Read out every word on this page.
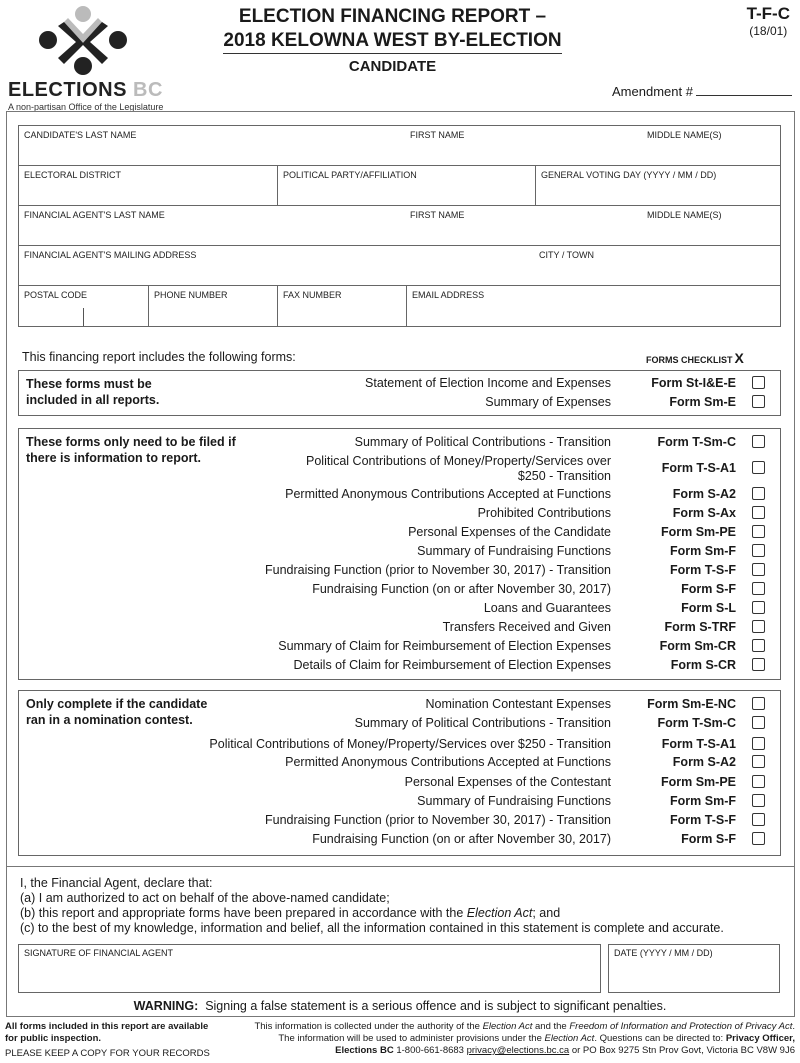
ELECTIONS BC
A non-partisan Office of the Legislature
ELECTION FINANCING REPORT –
2018 KELOWNA WEST BY-ELECTION
CANDIDATE
T-F-C
(18/01)
Amendment #
CANDIDATE'S LAST NAME	FIRST NAME	MIDDLE NAME(S)
ELECTORAL DISTRICT	POLITICAL PARTY/AFFILIATION	GENERAL VOTING DAY (YYYY / MM / DD)
FINANCIAL AGENT'S LAST NAME	FIRST NAME	MIDDLE NAME(S)
FINANCIAL AGENT'S MAILING ADDRESS	CITY / TOWN
POSTAL CODE	PHONE NUMBER	FAX NUMBER	EMAIL ADDRESS
This financing report includes the following forms:	FORMS CHECKLIST X
These forms must be
included in all reports.
Statement of Election Income and Expenses	Form St-I&E-E
Summary of Expenses	Form Sm-E
These forms only need to be filed if
there is information to report.
Summary of Political Contributions - Transition	Form T-Sm-C
Political Contributions of Money/Property/Services over
$250 - Transition
Form T-S-A1
Permitted Anonymous Contributions Accepted at Functions	Form S-A2
Prohibited Contributions	Form S-Ax
Personal Expenses of the Candidate	Form Sm-PE
Summary of Fundraising Functions	Form Sm-F
Fundraising Function (prior to November 30, 2017) - Transition	Form T-S-F
Fundraising Function (on or after November 30, 2017)	Form S-F
Loans and Guarantees	Form S-L
Transfers Received and Given	Form S-TRF
Summary of Claim for Reimbursement of Election Expenses	Form Sm-CR
Details of Claim for Reimbursement of Election Expenses	Form S-CR
Only complete if the candidate
ran in a nomination contest.
Nomination Contestant Expenses	Form Sm-E-NC
Summary of Political Contributions - Transition	Form T-Sm-C
Political Contributions of Money/Property/Services over $250 - Transition	Form T-S-A1
Permitted Anonymous Contributions Accepted at Functions	Form S-A2
Personal Expenses of the Contestant	Form Sm-PE
Summary of Fundraising Functions	Form Sm-F
Fundraising Function (prior to November 30, 2017) - Transition	Form T-S-F
Fundraising Function (on or after November 30, 2017)	Form S-F
I, the Financial Agent, declare that:
(a) I am authorized to act on behalf of the above-named candidate;
(b) this report and appropriate forms have been prepared in accordance with the Election Act; and
(c) to the best of my knowledge, information and belief, all the information contained in this statement is complete and accurate.
SIGNATURE OF FINANCIAL AGENT	DATE (YYYY / MM / DD)
WARNING: Signing a false statement is a serious offence and is subject to significant penalties.
All forms included in this report are available
for public inspection.
PLEASE KEEP A COPY FOR YOUR RECORDS
This information is collected under the authority of the Election Act and the Freedom of Information and Protection of Privacy Act.
The information will be used to administer provisions under the Election Act. Questions can be directed to: Privacy Officer,
Elections BC 1-800-661-8683 privacy@elections.bc.ca or PO Box 9275 Stn Prov Govt, Victoria BC V8W 9J6
